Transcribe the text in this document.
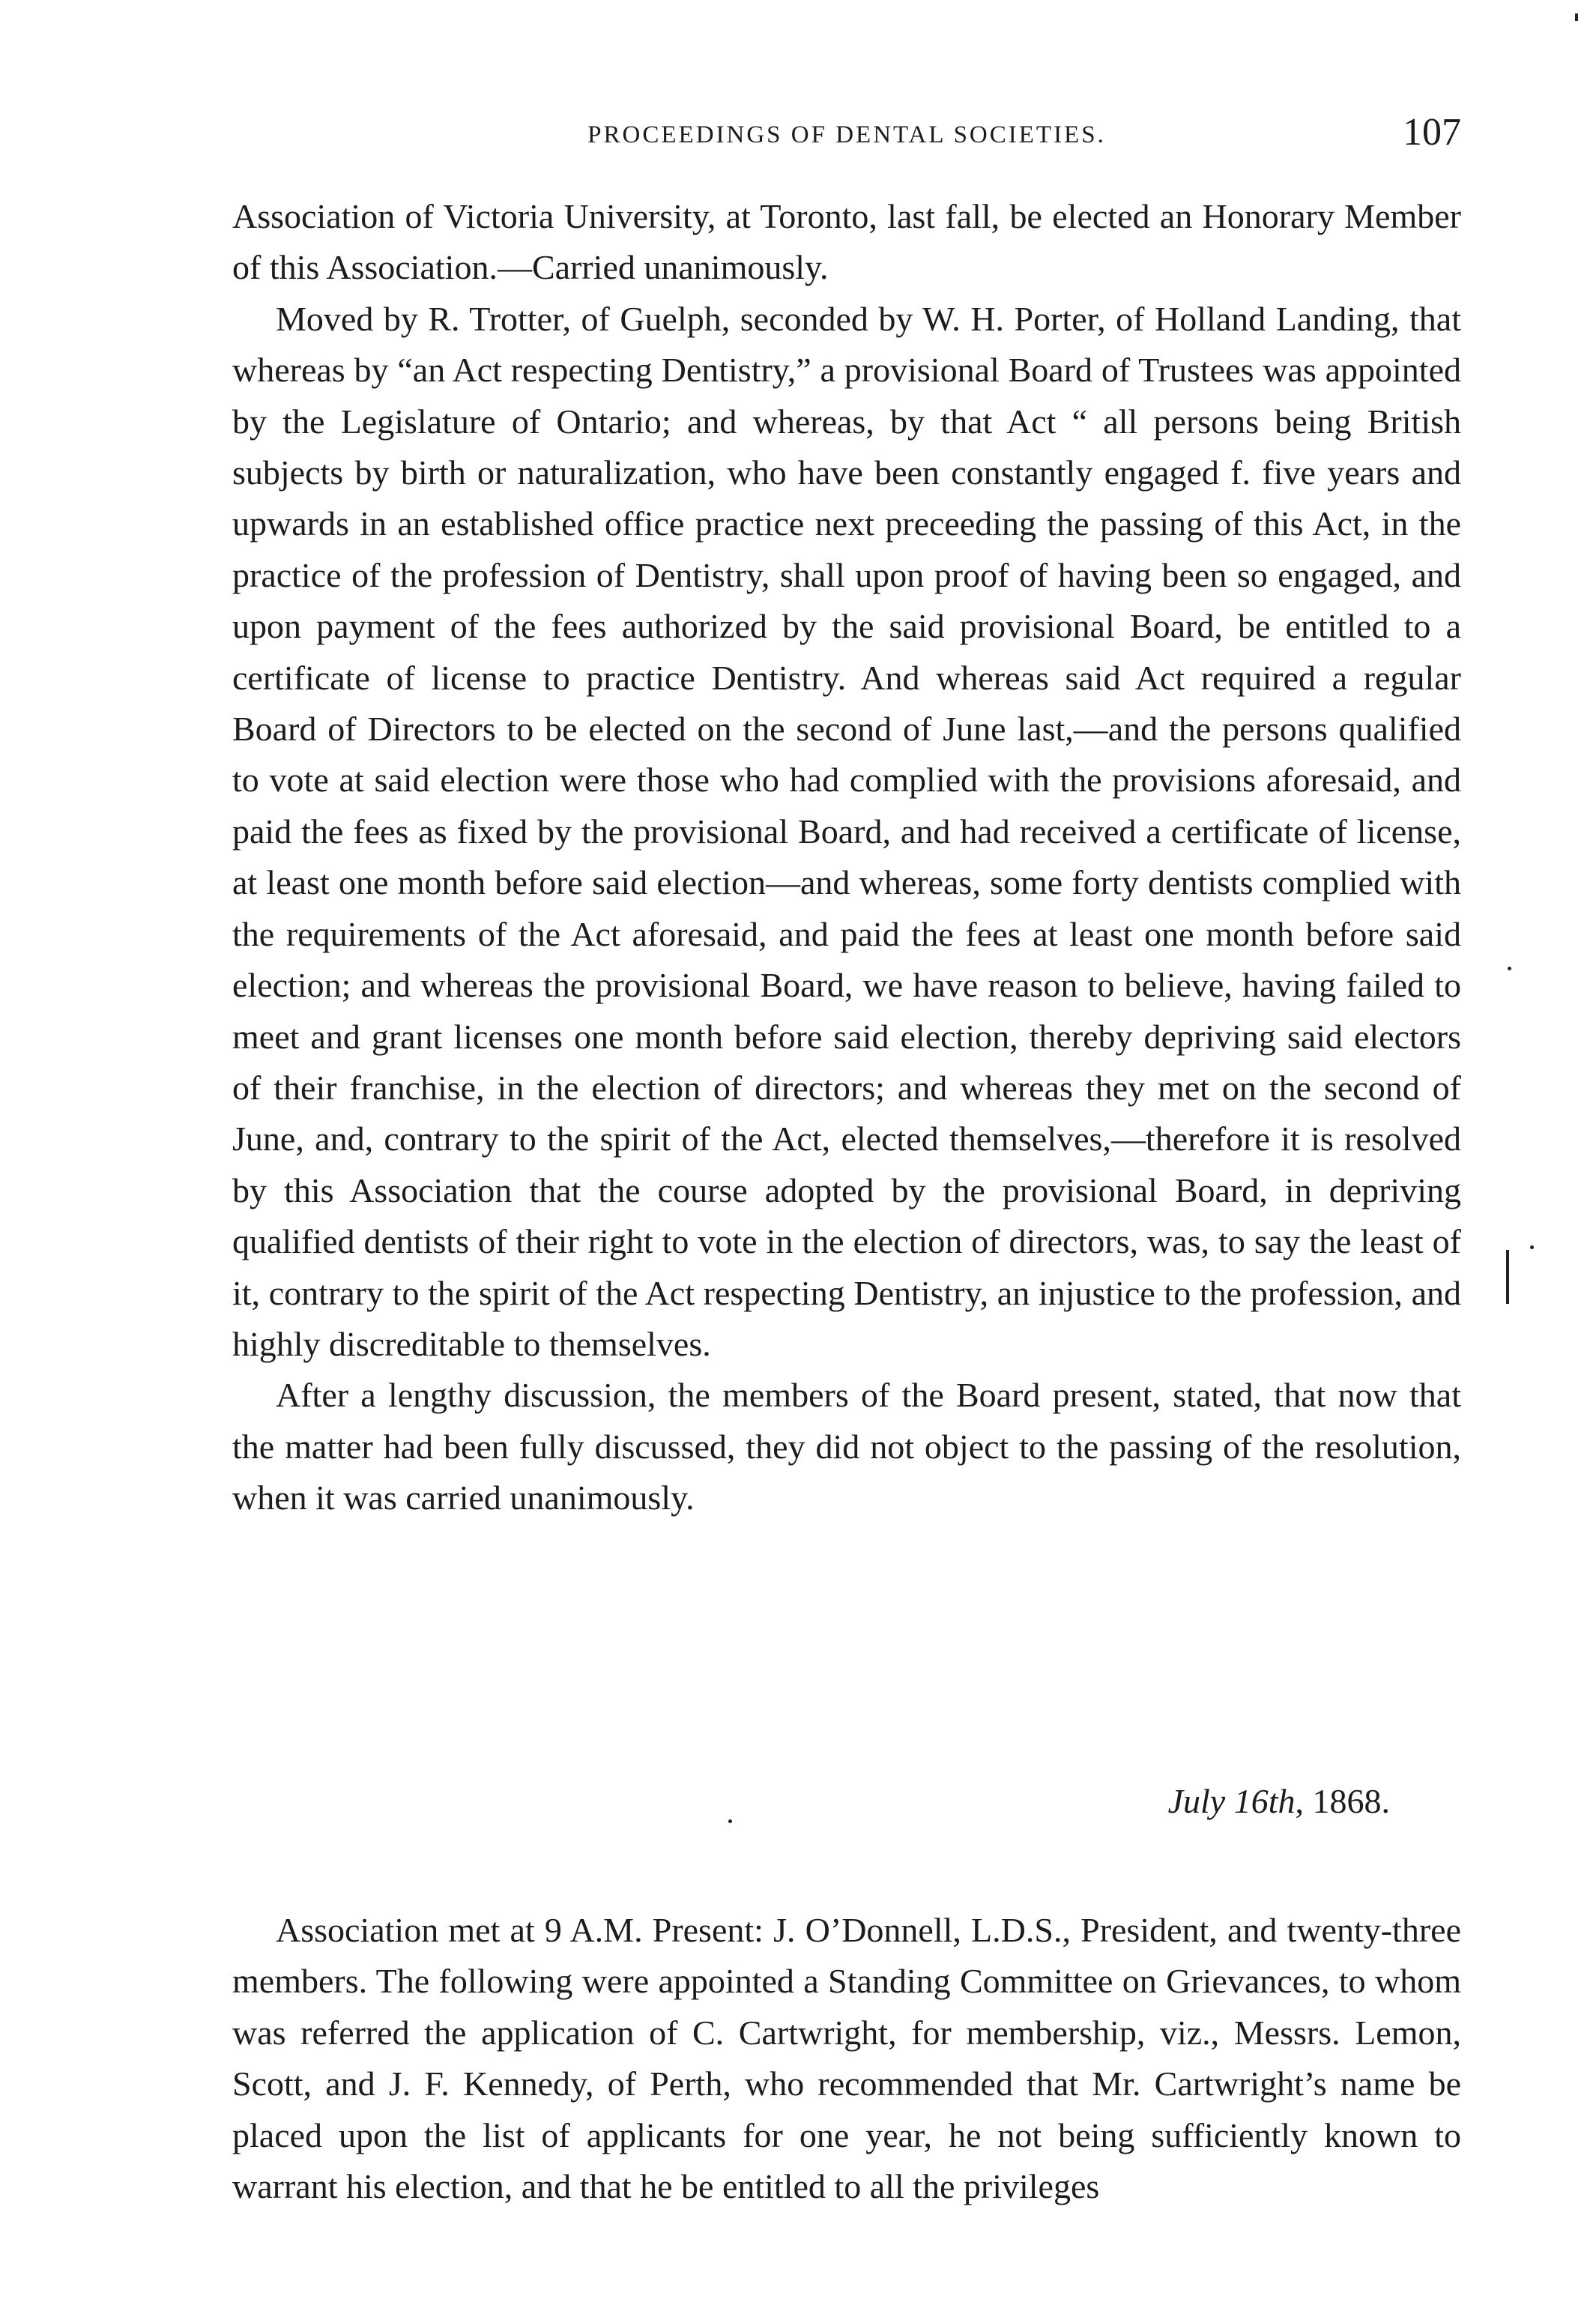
PROCEEDINGS OF DENTAL SOCIETIES.	107

Association of Victoria University, at Toronto, last fall, be elected an Honorary Member of this Association.—Carried unanimously.

Moved by R. Trotter, of Guelph, seconded by W. H. Porter, of Holland Landing, that whereas by “an Act respecting Dentistry,” a provisional Board of Trustees was appointed by the Legislature of Ontario; and whereas, by that Act “ all persons being British subjects by birth or naturalization, who have been constantly engaged f. five years and upwards in an established office practice next preceeding the passing of this Act, in the practice of the profession of Dentistry, shall upon proof of having been so engaged, and upon payment of the fees authorized by the said provisional Board, be entitled to a certificate of license to practice Dentistry. And whereas said Act required a regular Board of Directors to be elected on the second of June last,—and the persons qualified to vote at said election were those who had complied with the provisions aforesaid, and paid the fees as fixed by the provisional Board, and had received a certificate of license, at least one month before said election—and whereas, some forty dentists complied with the requirements of the Act aforesaid, and paid the fees at least one month before said election; and whereas the provisional Board, we have reason to believe, having failed to meet and grant licenses one month before said election, thereby depriving said electors of their franchise, in the election of directors; and whereas they met on the second of June, and, contrary to the spirit of the Act, elected themselves,—therefore it is resolved by this Association that the course adopted by the provisional Board, in depriving qualified dentists of their right to vote in the election of directors, was, to say the least of it, contrary to the spirit of the Act respecting Dentistry, an injustice to the profession, and highly discreditable to themselves.

After a lengthy discussion, the members of the Board present, stated, that now that the matter had been fully discussed, they did not object to the passing of the resolution, when it was carried unanimously.

July 16th, 1868.

Association met at 9 A.M. Present: J. O’Donnell, L.D.S., President, and twenty-three members. The following were appointed a Standing Committee on Grievances, to whom was referred the application of C. Cartwright, for membership, viz., Messrs. Lemon, Scott, and J. F. Kennedy, of Perth, who recommended that Mr. Cartwright’s name be placed upon the list of applicants for one year, he not being sufficiently known to warrant his election, and that he be entitled to all the privileges
